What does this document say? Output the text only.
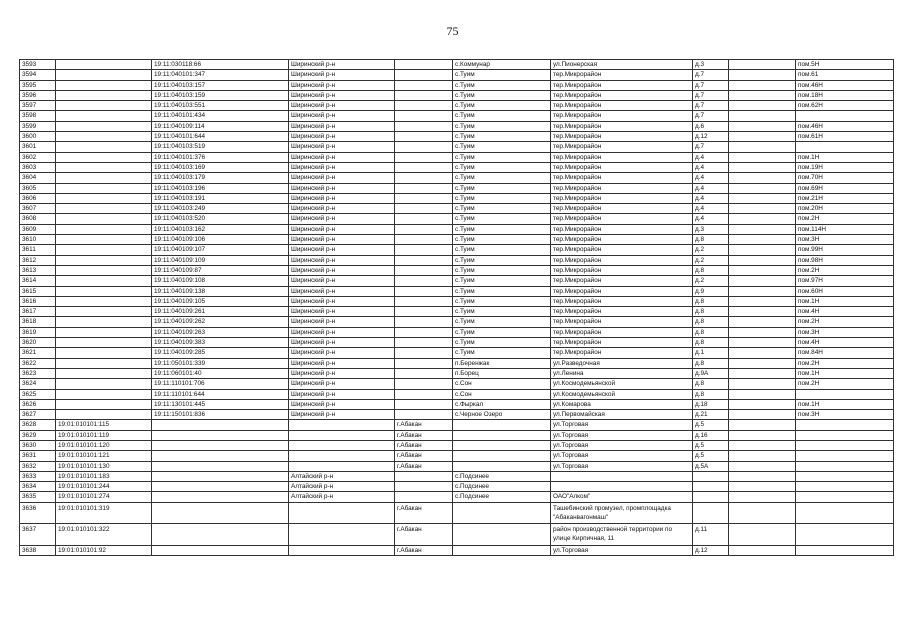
75
3593		19:11:030118:66	Ширинский р-н		с.Коммунар	ул.Пионерская	д.3		пом.5Н
3594		19:11:040101:347	Ширинский р-н		с.Туим	тер.Микрорайон	д.7		пом.61
3595		19:11:040103:157	Ширинский р-н		с.Туим	тер.Микрорайон	д.7		пом.46Н
3596		19:11:040103:159	Ширинский р-н		с.Туим	тер.Микрорайон	д.7		пом.18Н
3597		19:11:040103:551	Ширинский р-н		с.Туим	тер.Микрорайон	д.7		пом.62Н
3598		19:11:040101:434	Ширинский р-н		с.Туим	тер.Микрорайон	д.7		
3599		19:11:040109:114	Ширинский р-н		с.Туим	тер.Микрорайон	д.6		пом.46Н
3600		19:11:040101:644	Ширинский р-н		с.Туим	тер.Микрорайон	д.12		пом.61Н
3601		19:11:040103:519	Ширинский р-н		с.Туим	тер.Микрорайон	д.7		
3602		19:11:040101:376	Ширинский р-н		с.Туим	тер.Микрорайон	д.4		пом.1Н
3603		19:11:040103:169	Ширинский р-н		с.Туим	тер.Микрорайон	д.4		пом.19Н
3604		19:11:040103:179	Ширинский р-н		с.Туим	тер.Микрорайон	д.4		пом.70Н
3605		19:11:040103:196	Ширинский р-н		с.Туим	тер.Микрорайон	д.4		пом.69Н
3606		19:11:040103:191	Ширинский р-н		с.Туим	тер.Микрорайон	д.4		пом.21Н
3607		19:11:040103:249	Ширинский р-н		с.Туим	тер.Микрорайон	д.4		пом.20Н
3608		19:11:040103:520	Ширинский р-н		с.Туим	тер.Микрорайон	д.4		пом.2Н
3609		19:11:040103:162	Ширинский р-н		с.Туим	тер.Микрорайон	д.3		пом.114Н
3610		19:11:040109:106	Ширинский р-н		с.Туим	тер.Микрорайон	д.8		пом.3Н
3611		19:11:040109:107	Ширинский р-н		с.Туим	тер.Микрорайон	д.2		пом.99Н
3612		19:11:040109:109	Ширинский р-н		с.Туим	тер.Микрорайон	д.2		пом.98Н
3613		19:11:040109:87	Ширинский р-н		с.Туим	тер.Микрорайон	д.8		пом.2Н
3614		19:11:040109:108	Ширинский р-н		с.Туим	тер.Микрорайон	д.2		пом.97Н
3615		19:11:040109:138	Ширинский р-н		с.Туим	тер.Микрорайон	д.9		пом.60Н
3616		19:11:040109:105	Ширинский р-н		с.Туим	тер.Микрорайон	д.8		пом.1Н
3617		19:11:040109:261	Ширинский р-н		с.Туим	тер.Микрорайон	д.8		пом.4Н
3618		19:11:040109:262	Ширинский р-н		с.Туим	тер.Микрорайон	д.8		пом.2Н
3619		19:11:040109:263	Ширинский р-н		с.Туим	тер.Микрорайон	д.8		пом.3Н
3620		19:11:040109:383	Ширинский р-н		с.Туим	тер.Микрорайон	д.8		пом.4Н
3621		19:11:040109:285	Ширинский р-н		с.Туим	тер.Микрорайон	д.1		пом.84Н
3622		19:11:050101:339	Ширинский р-н		п.Беренжак	ул.Разведочная	д.8		пом.2Н
3623		19:11:060101:40	Ширинский р-н		п.Борец	ул.Ленина	д.9А		пом.1Н
3624		19:11:110101:706	Ширинский р-н		с.Сон	ул.Космодемьянской	д.8		пом.2Н
3625		19:11:110101:644	Ширинский р-н		с.Сон	ул.Космодемьянской	д.8		
3626		19:11:130101:445	Ширинский р-н		с.Фыркал	ул.Комарова	д.18		пом.1Н
3627		19:11:150101:836	Ширинский р-н		с.Черное Озеро	ул.Первомайская	д.21		пом.3Н
3628	19:01:010101:115			г.Абакан		ул.Торговая	д.5		
3629	19:01:010101:119			г.Абакан		ул.Торговая	д.16		
3630	19:01:010101:120			г.Абакан		ул.Торговая	д.5		
3631	19:01:010101:121			г.Абакан		ул.Торговая	д.5		
3632	19:01:010101:130			г.Абакан		ул.Торговая	д.5А		
3633	19:01:010101:183		Алтайский р-н		с.Подсинее				
3634	19:01:010101:244		Алтайский р-н		с.Подсинее				
3635	19:01:010101:274		Алтайский р-н		с.Подсинее	ОАО"Алком"			
3636	19:01:010101:319			г.Абакан		Ташебинский промузел, промплощадка "Абаканвагонмаш"			
3637	19:01:010101:322			г.Абакан		район производственной территории по улице Кирпичная, 11	д.11		
3638	19:01:010101:92			г.Абакан		ул.Торговая	д.12		
